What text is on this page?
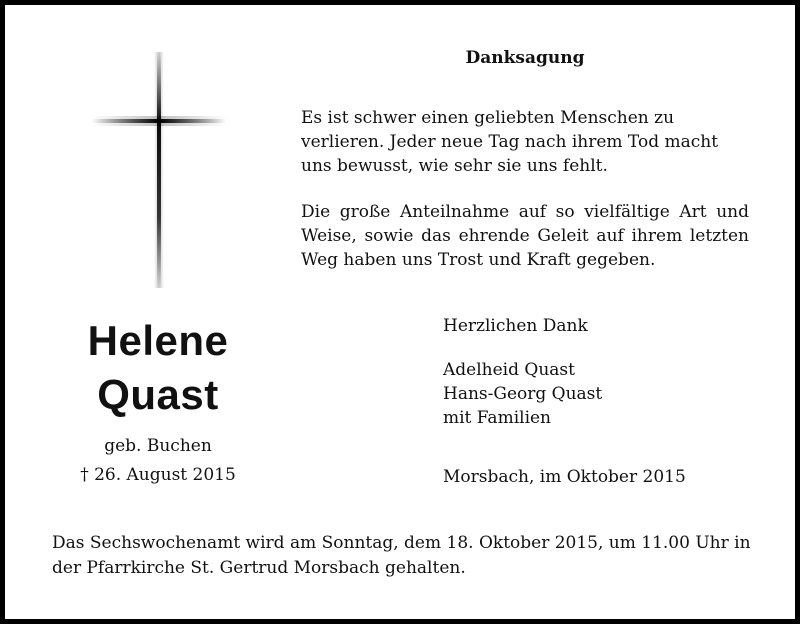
Helene
Quast
geb. Buchen
† 26. August 2015
Danksagung

Es ist schwer einen geliebten Menschen zu verlieren. Jeder neue Tag nach ihrem Tod macht uns bewusst, wie sehr sie uns fehlt.

Die große Anteilnahme auf so vielfältige Art und Weise, sowie das ehrende Geleit auf ihrem letzten Weg haben uns Trost und Kraft gegeben.

Herzlichen Dank
Adelheid Quast
Hans-Georg Quast
mit Familien
Morsbach, im Oktober 2015

Das Sechswochenamt wird am Sonntag, dem 18. Oktober 2015, um 11.00 Uhr in der Pfarrkirche St. Gertrud Morsbach gehalten.
